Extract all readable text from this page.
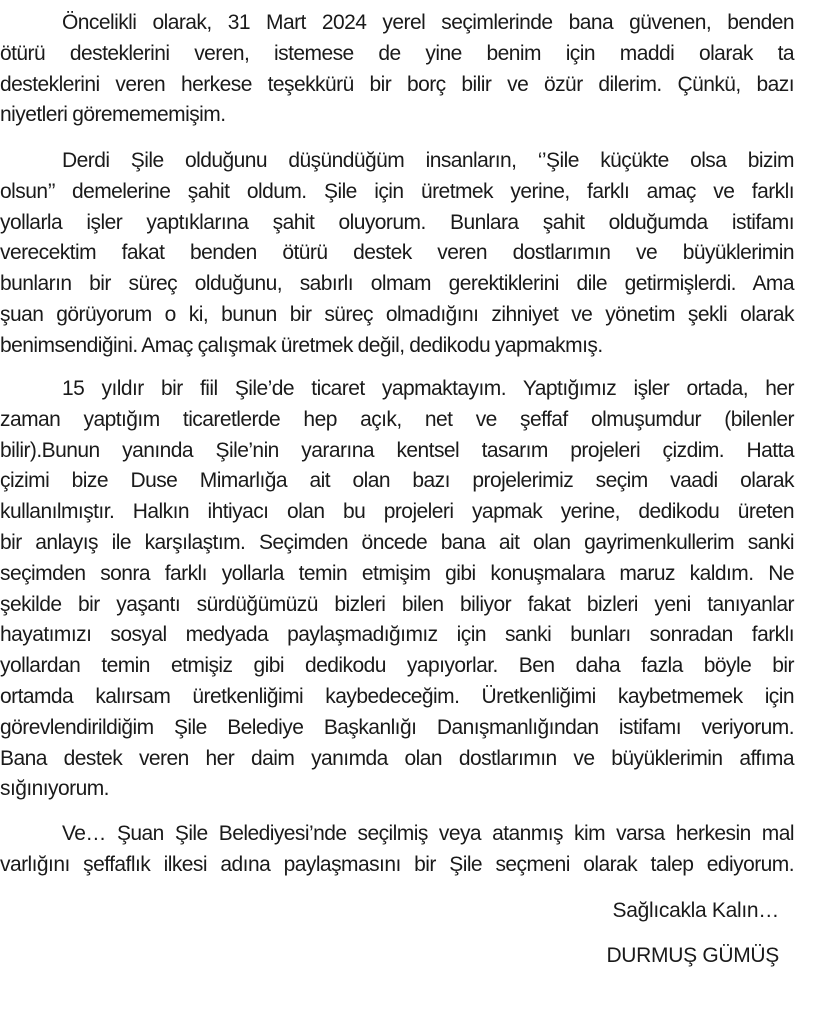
Öncelikli olarak, 31 Mart 2024 yerel seçimlerinde bana güvenen, benden
ötürü desteklerini veren, istemese de yine benim için maddi olarak ta
desteklerini veren herkese teşekkürü bir borç bilir ve özür dilerim. Çünkü, bazı
niyetleri göremememişim.
Derdi Şile olduğunu düşündüğüm insanların, ‘’Şile küçükte olsa bizim
olsun’’ demelerine şahit oldum. Şile için üretmek yerine, farklı amaç ve farklı
yollarla işler yaptıklarına şahit oluyorum. Bunlara şahit olduğumda istifamı
verecektim fakat benden ötürü destek veren dostlarımın ve büyüklerimin
bunların bir süreç olduğunu, sabırlı olmam gerektiklerini dile getirmişlerdi. Ama
şuan görüyorum o ki, bunun bir süreç olmadığını zihniyet ve yönetim şekli olarak
benimsendiğini. Amaç çalışmak üretmek değil, dedikodu yapmakmış.
15 yıldır bir fiil Şile’de ticaret yapmaktayım. Yaptığımız işler ortada, her
zaman yaptığım ticaretlerde hep açık, net ve şeffaf olmuşumdur (bilenler
bilir).Bunun yanında Şile’nin yararına kentsel tasarım projeleri çizdim. Hatta
çizimi bize Duse Mimarlığa ait olan bazı projelerimiz seçim vaadi olarak
kullanılmıştır. Halkın ihtiyacı olan bu projeleri yapmak yerine, dedikodu üreten
bir anlayış ile karşılaştım. Seçimden öncede bana ait olan gayrimenkullerim sanki
seçimden sonra farklı yollarla temin etmişim gibi konuşmalara maruz kaldım. Ne
şekilde bir yaşantı sürdüğümüzü bizleri bilen biliyor fakat bizleri yeni tanıyanlar
hayatımızı sosyal medyada paylaşmadığımız için sanki bunları sonradan farklı
yollardan temin etmişiz gibi dedikodu yapıyorlar. Ben daha fazla böyle bir
ortamda kalırsam üretkenliğimi kaybedeceğim. Üretkenliğimi kaybetmemek için
görevlendirildiğim Şile Belediye Başkanlığı Danışmanlığından istifamı veriyorum.
Bana destek veren her daim yanımda olan dostlarımın ve büyüklerimin affıma
sığınıyorum.
Ve… Şuan Şile Belediyesi’nde seçilmiş veya atanmış kim varsa herkesin mal
varlığını şeffaflık ilkesi adına paylaşmasını bir Şile seçmeni olarak talep ediyorum.
Sağlıcakla Kalın…
DURMUŞ GÜMÜŞ
